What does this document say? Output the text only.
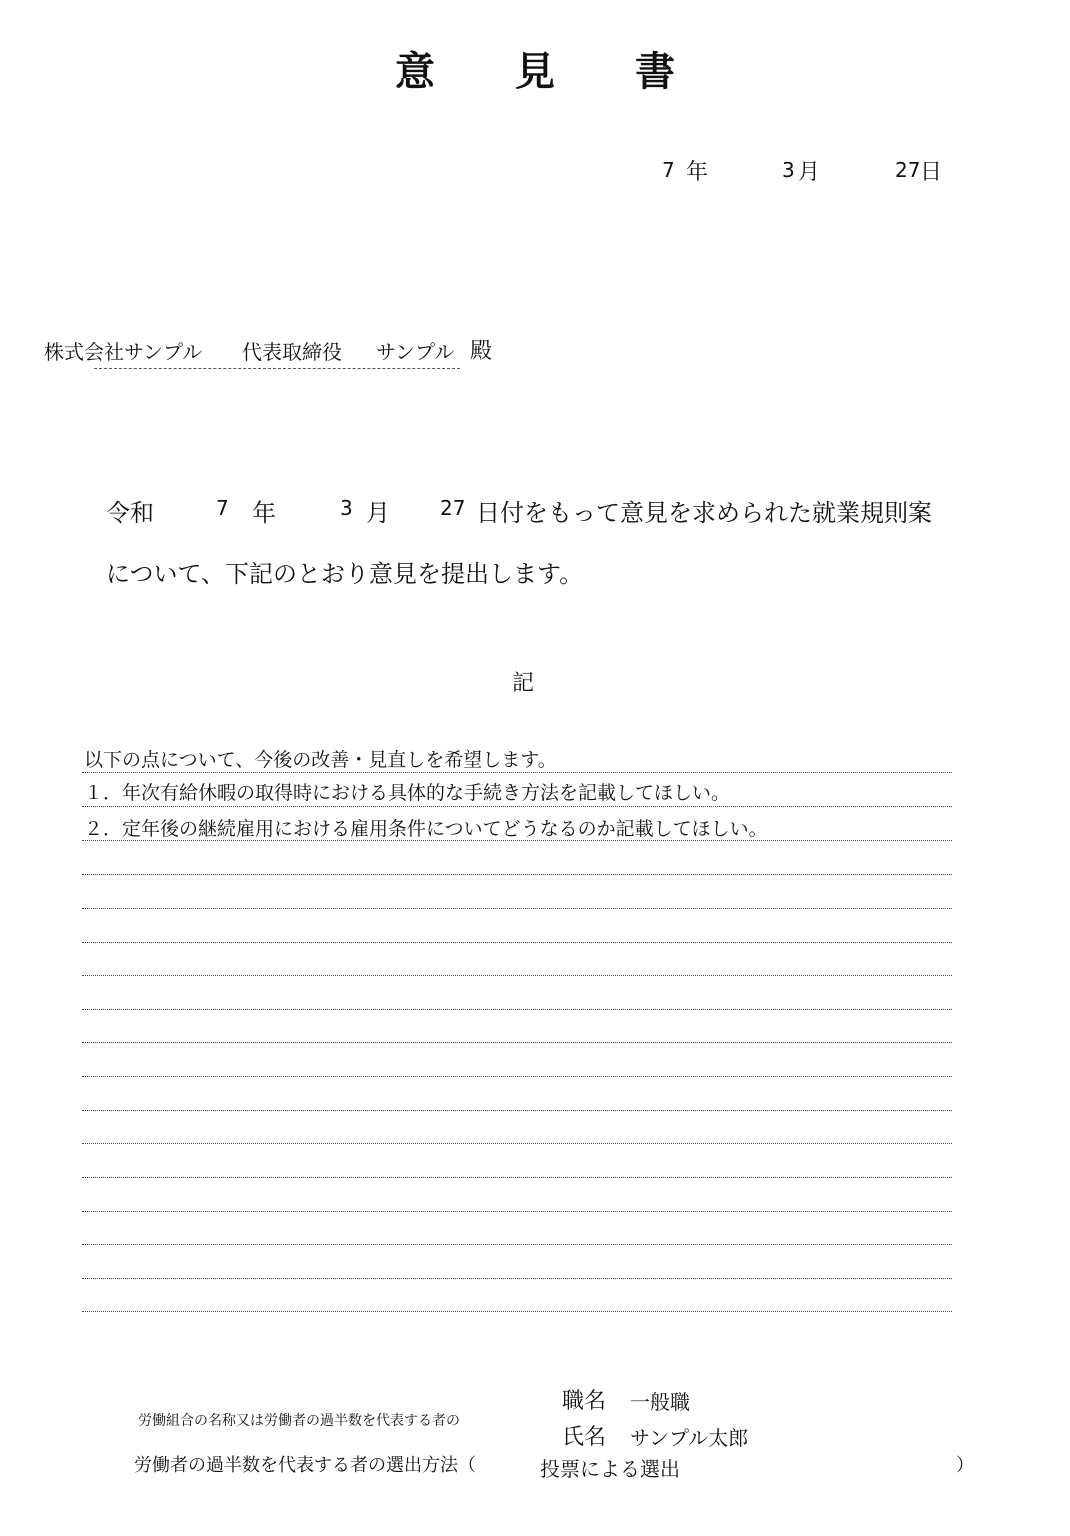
意 見 書
7 年	3 月	27 日
株式会社サンプル 代表取締役 サンプル 殿
令和	7 年	3 月	27 日付をもって意見を求められた就業規則案
について、下記のとおり意見を提出します。
記
以下の点について、今後の改善・見直しを希望します。
１．年次有給休暇の取得時における具体的な手続き方法を記載してほしい。
２．定年後の継続雇用における雇用条件についてどうなるのか記載してほしい。
労働組合の名称又は労働者の過半数を代表する者の
職名 一般職
氏名 サンプル太郎
労働者の過半数を代表する者の選出方法（	投票による選出	）
